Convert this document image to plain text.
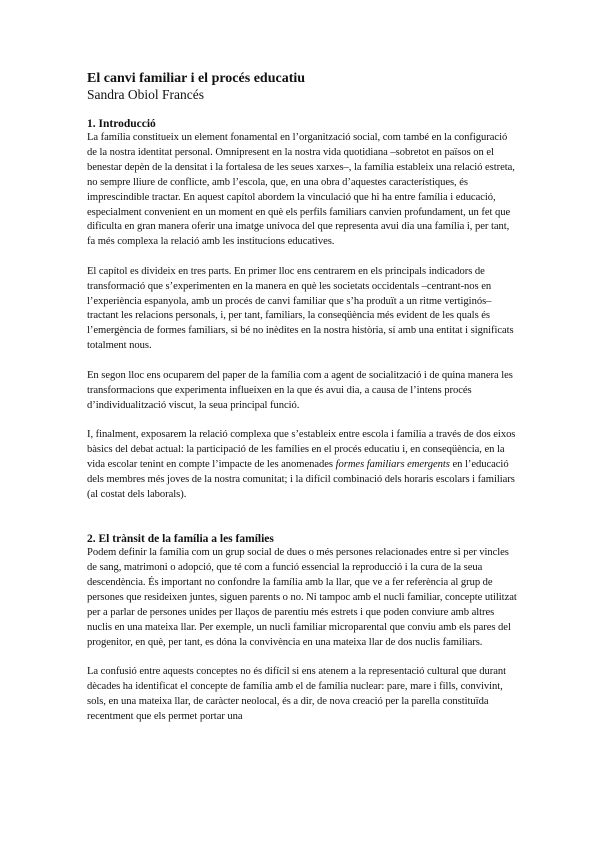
El canvi familiar i el procés educatiu
Sandra Obiol Francés
1. Introducció

La família constitueix un element fonamental en l’organització social, com també en la configuració de la nostra identitat personal. Omnipresent en la nostra vida quotidiana –sobretot en països on el benestar depèn de la densitat i la fortalesa de les seues xarxes–, la família estableix una relació estreta, no sempre lliure de conflicte, amb l’escola, que, en una obra d’aquestes característiques, és imprescindible tractar. En aquest capítol abordem la vinculació que hi ha entre família i educació, especialment convenient en un moment en què els perfils familiars canvien profundament, un fet que dificulta en gran manera oferir una imatge unívoca del que representa avui dia una família i, per tant, fa més complexa la relació amb les institucions educatives.

El capítol es divideix en tres parts. En primer lloc ens centrarem en els principals indicadors de transformació que s’experimenten en la manera en què les societats occidentals –centrant-nos en l’experiència espanyola, amb un procés de canvi familiar que s’ha produït a un ritme vertiginós– tractant les relacions personals, i, per tant, familiars, la conseqüència més evident de les quals és l’emergència de formes familiars, si bé no inèdites en la nostra història, sí amb una entitat i significats totalment nous.

En segon lloc ens ocuparem del paper de la família com a agent de socialització i de quina manera les transformacions que experimenta influeixen en la que és avui dia, a causa de l’intens procés d’individualització viscut, la seua principal funció.

I, finalment, exposarem la relació complexa que s’estableix entre escola i família a través de dos eixos bàsics del debat actual: la participació de les famílies en el procés educatiu i, en conseqüència, en la vida escolar tenint en compte l’impacte de les anomenades formes familiars emergents en l’educació dels membres més joves de la nostra comunitat; i la difícil combinació dels horaris escolars i familiars (al costat dels laborals).

2. El trànsit de la família a les famílies

Podem definir la família com un grup social de dues o més persones relacionades entre si per vincles de sang, matrimoni o adopció, que té com a funció essencial la reproducció i la cura de la seua descendència. És important no confondre la família amb la llar, que ve a fer referència al grup de persones que resideixen juntes, siguen parents o no. Ni tampoc amb el nucli familiar, concepte utilitzat per a parlar de persones unides per llaços de parentiu més estrets i que poden conviure amb altres nuclis en una mateixa llar. Per exemple, un nucli familiar microparental que conviu amb els pares del progenitor, en què, per tant, es dóna la convivència en una mateixa llar de dos nuclis familiars.

La confusió entre aquests conceptes no és difícil si ens atenem a la representació cultural que durant dècades ha identificat el concepte de família amb el de família nuclear: pare, mare i fills, convivint, sols, en una mateixa llar, de caràcter neolocal, és a dir, de nova creació per la parella constituïda recentment que els permet portar una
